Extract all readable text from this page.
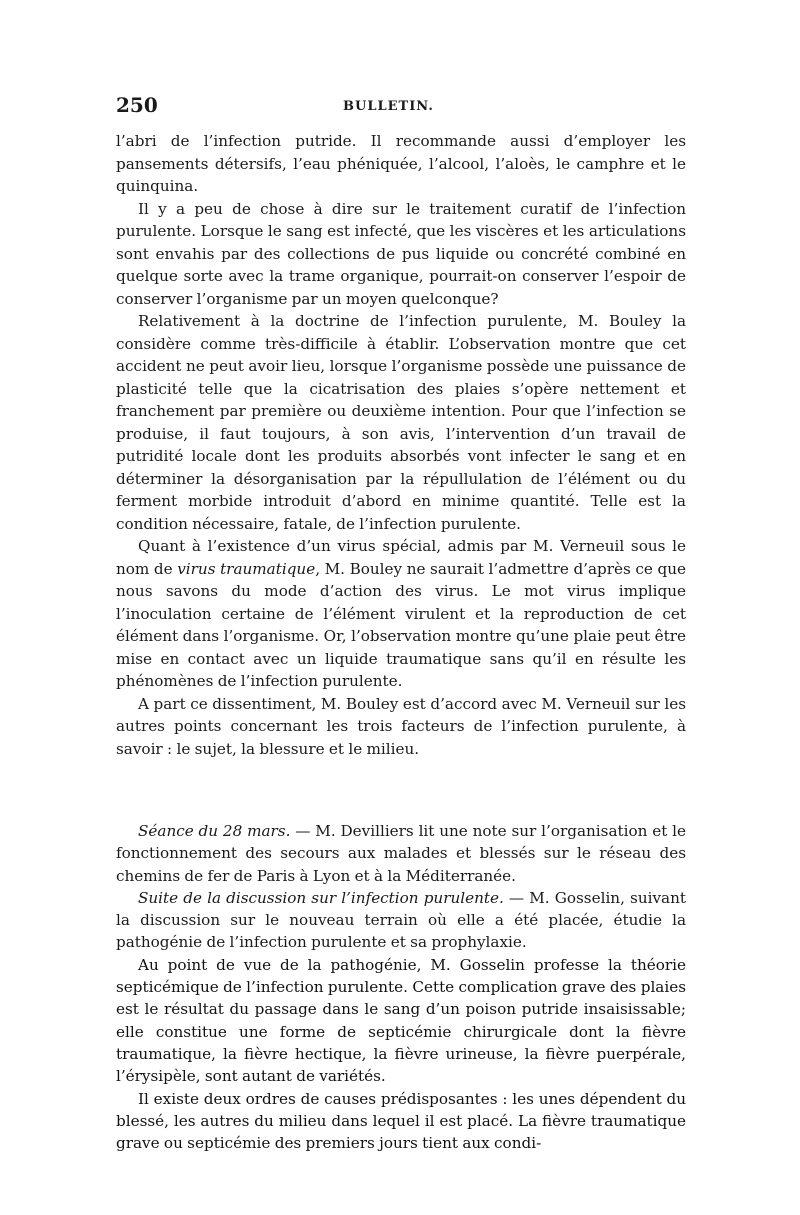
250	BULLETIN.

l’abri de l’infection putride. Il recommande aussi d’employer les pansements détersifs, l’eau phéniquée, l’alcool, l’aloès, le camphre et le quinquina.

Il y a peu de chose à dire sur le traitement curatif de l’infection purulente. Lorsque le sang est infecté, que les viscères et les articulations sont envahis par des collections de pus liquide ou concrété combiné en quelque sorte avec la trame organique, pourrait-on conserver l’espoir de conserver l’organisme par un moyen quelconque?

Relativement à la doctrine de l’infection purulente, M. Bouley la considère comme très-difficile à établir. L’observation montre que cet accident ne peut avoir lieu, lorsque l’organisme possède une puissance de plasticité telle que la cicatrisation des plaies s’opère nettement et franchement par première ou deuxième intention. Pour que l’infection se produise, il faut toujours, à son avis, l’intervention d’un travail de putridité locale dont les produits absorbés vont infecter le sang et en déterminer la désorganisation par la répullulation de l’élément ou du ferment morbide introduit d’abord en minime quantité. Telle est la condition nécessaire, fatale, de l’infection purulente.

Quant à l’existence d’un virus spécial, admis par M. Verneuil sous le nom de virus traumatique, M. Bouley ne saurait l’admettre d’après ce que nous savons du mode d’action des virus. Le mot virus implique l’inoculation certaine de l’élément virulent et la reproduction de cet élément dans l’organisme. Or, l’observation montre qu’une plaie peut être mise en contact avec un liquide traumatique sans qu’il en résulte les phénomènes de l’infection purulente.

A part ce dissentiment, M. Bouley est d’accord avec M. Verneuil sur les autres points concernant les trois facteurs de l’infection purulente, à savoir : le sujet, la blessure et le milieu.

Séance du 28 mars. — M. Devilliers lit une note sur l’organisation et le fonctionnement des secours aux malades et blessés sur le réseau des chemins de fer de Paris à Lyon et à la Méditerranée.

Suite de la discussion sur l’infection purulente. — M. Gosselin, suivant la discussion sur le nouveau terrain où elle a été placée, étudie la pathogénie de l’infection purulente et sa prophylaxie.

Au point de vue de la pathogénie, M. Gosselin professe la théorie septicémique de l’infection purulente. Cette complication grave des plaies est le résultat du passage dans le sang d’un poison putride insaisissable; elle constitue une forme de septicémie chirurgicale dont la fièvre traumatique, la fièvre hectique, la fièvre urineuse, la fièvre puerpérale, l’érysipèle, sont autant de variétés.

Il existe deux ordres de causes prédisposantes : les unes dépendent du blessé, les autres du milieu dans lequel il est placé. La fièvre traumatique grave ou septicémie des premiers jours tient aux condi-
